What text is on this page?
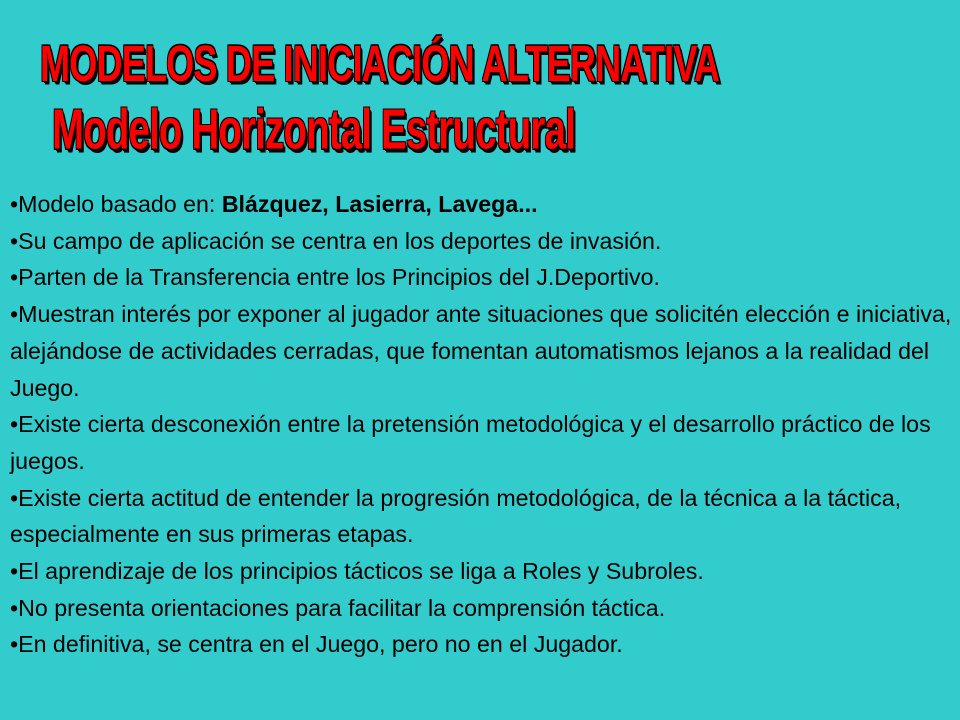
MODELOS DE INICIACIÓN ALTERNATIVA
Modelo Horizontal Estructural

•Modelo basado en: Blázquez, Lasierra, Lavega...

•Su campo de aplicación se centra en los deportes de invasión.

•Parten de la Transferencia entre los Principios del J.Deportivo.

•Muestran interés por exponer al jugador ante situaciones que solicitén elección e iniciativa, alejándose de actividades cerradas, que fomentan automatismos lejanos a la realidad del Juego.

•Existe cierta desconexión entre la pretensión metodológica y el desarrollo práctico de los juegos.

•Existe cierta actitud de entender la progresión metodológica, de la técnica a la táctica, especialmente en sus primeras etapas.

•El aprendizaje de los principios tácticos se liga a Roles y Subroles.

•No presenta orientaciones para facilitar la comprensión táctica.

•En definitiva, se centra en el Juego, pero no en el Jugador.
